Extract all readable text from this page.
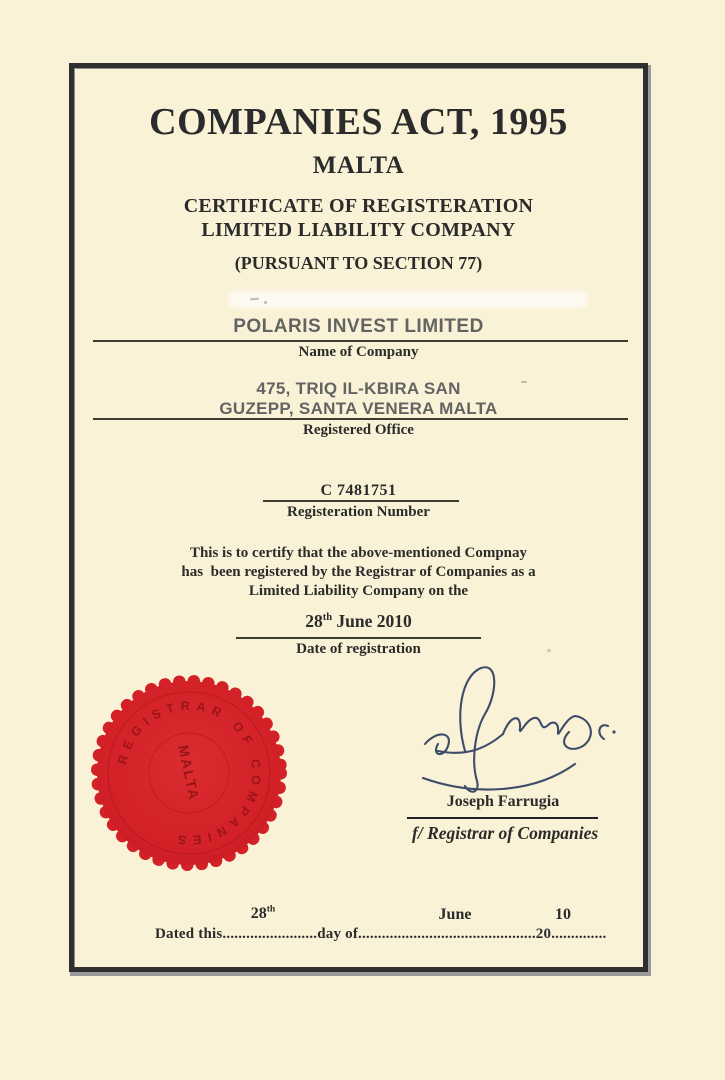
COMPANIES ACT, 1995
MALTA
CERTIFICATE OF REGISTERATION
LIMITED LIABILITY COMPANY
(PURSUANT TO SECTION 77)
POLARIS INVEST LIMITED
Name of Company
475, TRIQ IL-KBIRA SAN
GUZEPP, SANTA VENERA MALTA
Registered Office
C 7481751
Registeration Number
This is to certify that the above-mentioned Compnay
has  been registered by the Registrar of Companies as a
Limited Liability Company on the
28th June 2010
Date of registration
REGISTRAR OF COMPANIES
MALTA	Joseph Farrugia
f/ Registrar of Companies
28th	June	10
Dated this........................day of.............................................20..............
